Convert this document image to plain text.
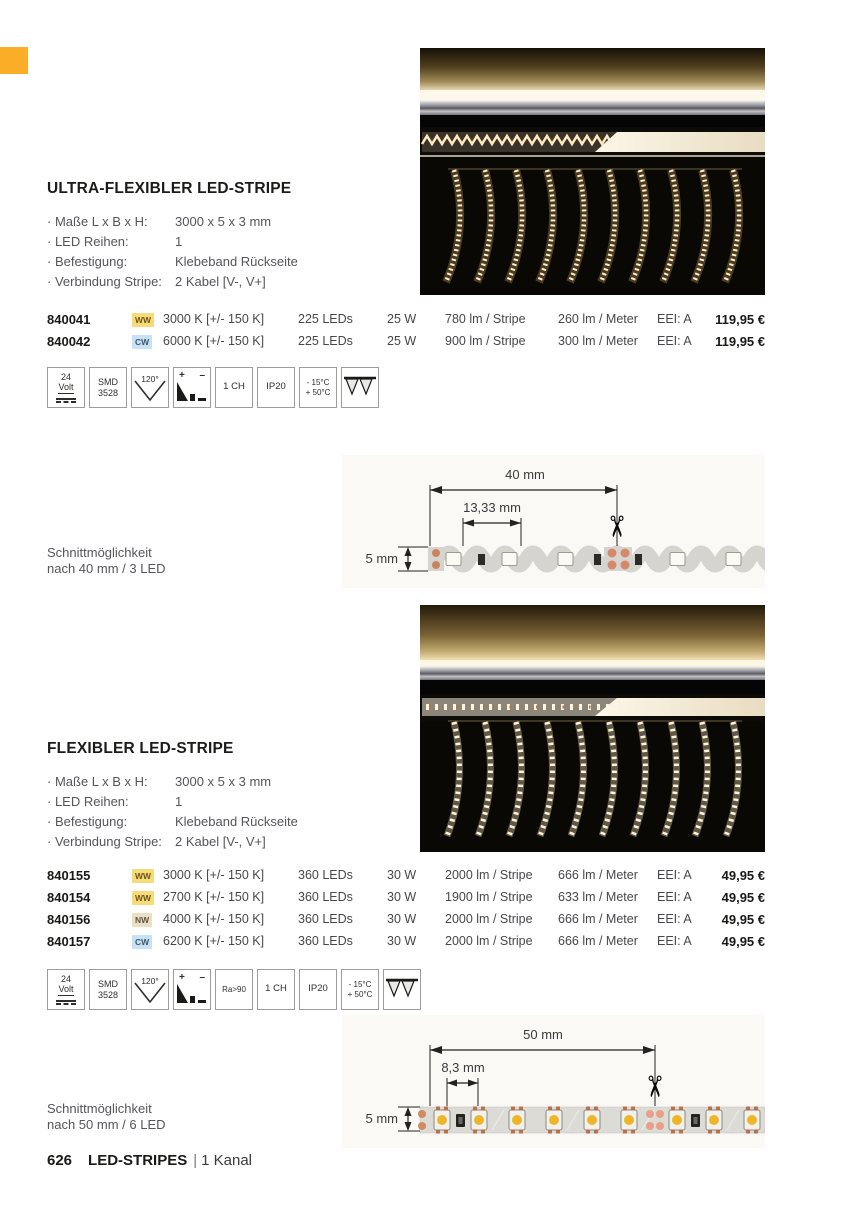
ULTRA-FLEXIBLER LED-STRIPE
· Maße L x B x H:	3000 x 5 x 3 mm
· LED Reihen:	1
· Befestigung:	Klebeband Rückseite
· Verbindung Stripe:	2 Kabel [V-, V+]
840041	WW 3000 K [+/- 150 K]	225 LEDs	25 W	780 lm / Stripe	260 lm / Meter	EEI: A	119,95 €
840042	CW	6000 K [+/- 150 K]	225 LEDs	25 W	900 lm / Stripe	300 lm / Meter	EEI: A	119,95 €
24
Volt	SMD
3528
120°	+ –
1 CH IP20	- 15°C
+ 50°C
40 mm
13,33 mm
5 mm
✂
Schnittmöglichkeit
nach 40 mm / 3 LED
FLEXIBLER LED-STRIPE
· Maße L x B x H:	3000 x 5 x 3 mm
· LED Reihen:	1
· Befestigung:	Klebeband Rückseite
· Verbindung Stripe:	2 Kabel [V-, V+]
840155	WW 3000 K [+/- 150 K]	360 LEDs	30 W	2000 lm / Stripe	666 lm / Meter	EEI: A	49,95 €
840154	WW 2700 K [+/- 150 K]	360 LEDs	30 W	1900 lm / Stripe	633 lm / Meter	EEI: A	49,95 €
840156	NW	4000 K [+/- 150 K]	360 LEDs	30 W	2000 lm / Stripe	666 lm / Meter	EEI: A	49,95 €
840157	CW	6200 K [+/- 150 K]	360 LEDs	30 W	2000 lm / Stripe	666 lm / Meter	EEI: A	49,95 €
24
Volt	SMD
3528
120°	+ –
Ra>90 1 CH IP20	- 15°C
+ 50°C
50 mm
8,3 mm
5 mm
✂
Schnittmöglichkeit
nach 50 mm / 6 LED
626 LED-STRIPES | 1 Kanal
